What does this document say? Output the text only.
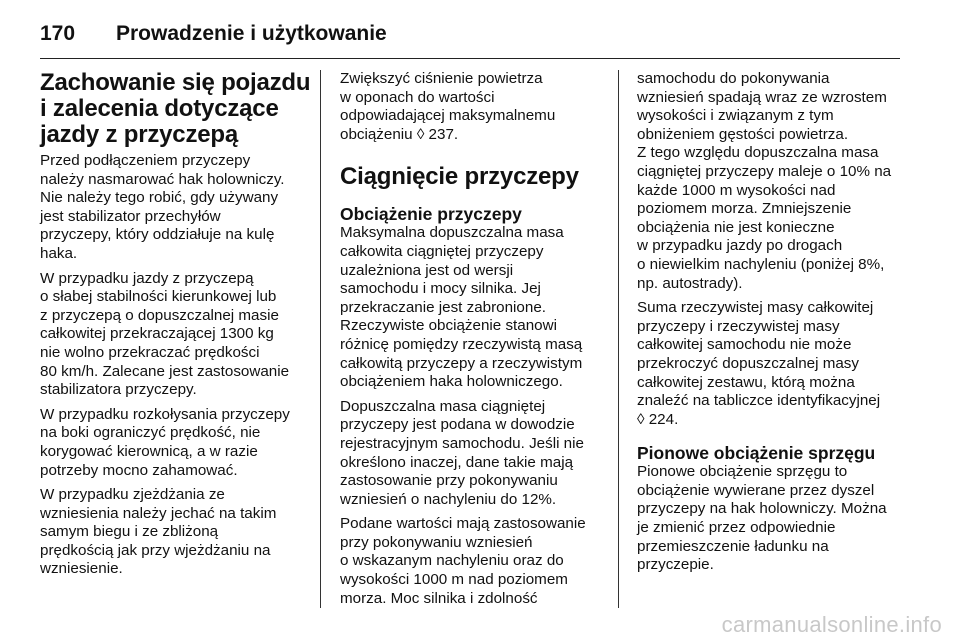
170	Prowadzenie i użytkowanie
Zachowanie się pojazdu
i zalecenia dotyczące
jazdy z przyczepą

Przed podłączeniem przyczepy
należy nasmarować hak holowniczy.
Nie należy tego robić, gdy używany
jest stabilizator przechyłów
przyczepy, który oddziałuje na kulę
haka.

W przypadku jazdy z przyczepą
o słabej stabilności kierunkowej lub
z przyczepą o dopuszczalnej masie
całkowitej przekraczającej 1300 kg
nie wolno przekraczać prędkości
80 km/h. Zalecane jest zastosowanie
stabilizatora przyczepy.

W przypadku rozkołysania przyczepy
na boki ograniczyć prędkość, nie
korygować kierownicą, a w razie
potrzeby mocno zahamować.

W przypadku zjeżdżania ze
wzniesienia należy jechać na takim
samym biegu i ze zbliżoną
prędkością jak przy wjeżdżaniu na
wzniesienie.

Zwiększyć ciśnienie powietrza
w oponach do wartości
odpowiadającej maksymalnemu
obciążeniu ◊ 237.

Ciągnięcie przyczepy
Obciążenie przyczepy

Maksymalna dopuszczalna masa
całkowita ciągniętej przyczepy
uzależniona jest od wersji
samochodu i mocy silnika. Jej
przekraczanie jest zabronione.
Rzeczywiste obciążenie stanowi
różnicę pomiędzy rzeczywistą masą
całkowitą przyczepy a rzeczywistym
obciążeniem haka holowniczego.

Dopuszczalna masa ciągniętej
przyczepy jest podana w dowodzie
rejestracyjnym samochodu. Jeśli nie
określono inaczej, dane takie mają
zastosowanie przy pokonywaniu
wzniesień o nachyleniu do 12%.

Podane wartości mają zastosowanie
przy pokonywaniu wzniesień
o wskazanym nachyleniu oraz do
wysokości 1000 m nad poziomem
morza. Moc silnika i zdolność

samochodu do pokonywania
wzniesień spadają wraz ze wzrostem
wysokości i związanym z tym
obniżeniem gęstości powietrza.
Z tego względu dopuszczalna masa
ciągniętej przyczepy maleje o 10% na
każde 1000 m wysokości nad
poziomem morza. Zmniejszenie
obciążenia nie jest konieczne
w przypadku jazdy po drogach
o niewielkim nachyleniu (poniżej 8%,
np. autostrady).

Suma rzeczywistej masy całkowitej
przyczepy i rzeczywistej masy
całkowitej samochodu nie może
przekroczyć dopuszczalnej masy
całkowitej zestawu, którą można
znaleźć na tabliczce identyfikacyjnej
◊ 224.

Pionowe obciążenie sprzęgu

Pionowe obciążenie sprzęgu to
obciążenie wywierane przez dyszel
przyczepy na hak holowniczy. Można
je zmienić przez odpowiednie
przemieszczenie ładunku na
przyczepie.

carmanualsonline.info
